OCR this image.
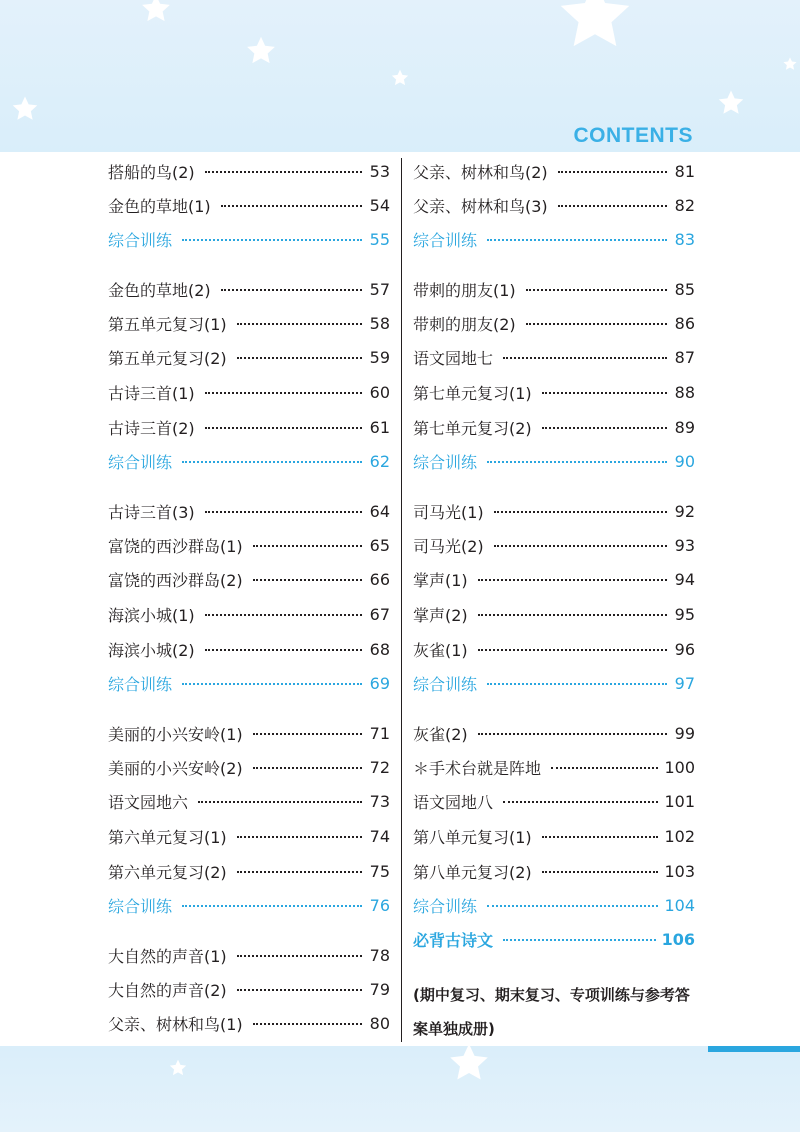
CONTENTS
搭船的鸟(2)	53
金色的草地(1)	54
综合训练	55
金色的草地(2)	57
第五单元复习(1)	58
第五单元复习(2)	59
古诗三首(1)	60
古诗三首(2)	61
综合训练	62
古诗三首(3)	64
富饶的西沙群岛(1)	65
富饶的西沙群岛(2)	66
海滨小城(1)	67
海滨小城(2)	68
综合训练	69
美丽的小兴安岭(1)	71
美丽的小兴安岭(2)	72
语文园地六	73
第六单元复习(1)	74
第六单元复习(2)	75
综合训练	76
大自然的声音(1)	78
大自然的声音(2)	79
父亲、树林和鸟(1)	80
父亲、树林和鸟(2)	81
父亲、树林和鸟(3)	82
综合训练	83
带刺的朋友(1)	85
带刺的朋友(2)	86
语文园地七	87
第七单元复习(1)	88
第七单元复习(2)	89
综合训练	90
司马光(1)	92
司马光(2)	93
掌声(1)	94
掌声(2)	95
灰雀(1)	96
综合训练	97
灰雀(2)	99
＊手术台就是阵地	100
语文园地八	101
第八单元复习(1)	102
第八单元复习(2)	103
综合训练	104
必背古诗文	106

(期中复习、期末复习、专项训练与参考答案单独成册)
